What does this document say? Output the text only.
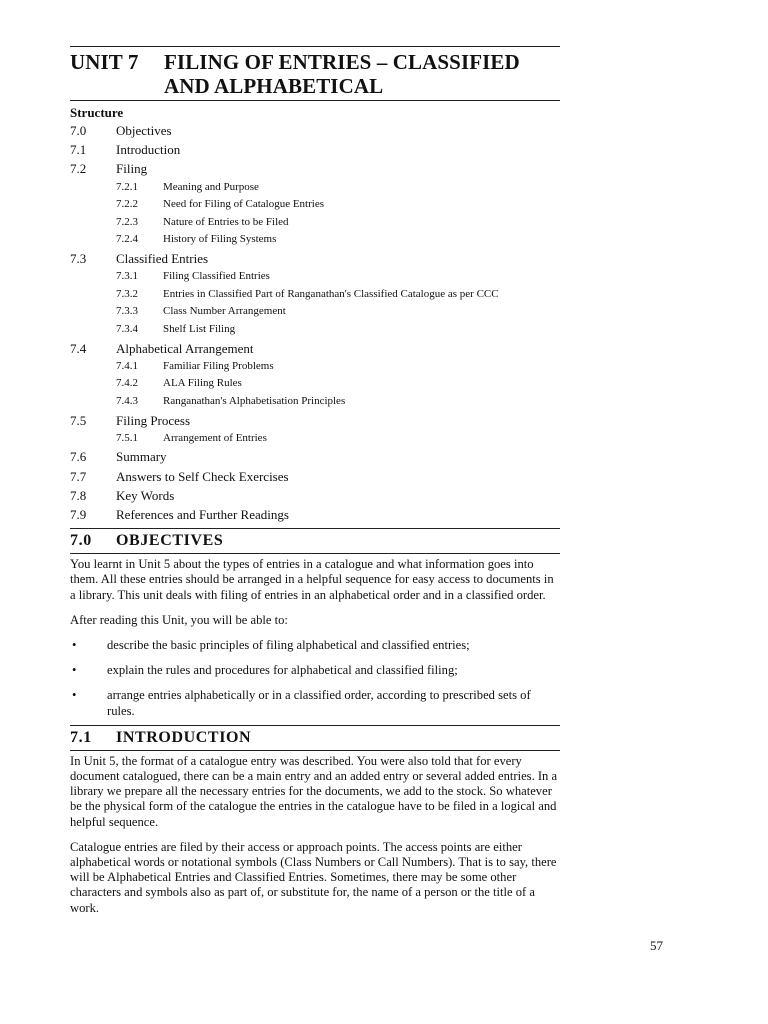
UNIT 7	FILING OF ENTRIES – CLASSIFIED
AND ALPHABETICAL
Structure
7.0	Objectives
7.1	Introduction
7.2	Filing
7.2.1	Meaning and Purpose
7.2.2	Need for Filing of Catalogue Entries
7.2.3	Nature of Entries to be Filed
7.2.4	History of Filing Systems
7.3	Classified Entries
7.3.1	Filing Classified Entries
7.3.2	Entries in Classified Part of Ranganathan's Classified Catalogue as per CCC
7.3.3	Class Number Arrangement
7.3.4	Shelf List Filing
7.4	Alphabetical Arrangement
7.4.1	Familiar Filing Problems
7.4.2	ALA Filing Rules
7.4.3	Ranganathan's Alphabetisation Principles
7.5	Filing Process
7.5.1	Arrangement of Entries
7.6	Summary
7.7	Answers to Self Check Exercises
7.8	Key Words
7.9	References and Further Readings
7.0	OBJECTIVES

You learnt in Unit 5 about the types of entries in a catalogue and what information goes into them. All these entries should be arranged in a helpful sequence for easy access to documents in a library. This unit deals with filing of entries in an alphabetical order and in a classified order.

After reading this Unit, you will be able to:

•	describe the basic principles of filing alphabetical and classified entries;
•	explain the rules and procedures for alphabetical and classified filing;
•	arrange entries alphabetically or in a classified order, according to prescribed sets of rules.
7.1	INTRODUCTION

In Unit 5, the format of a catalogue entry was described. You were also told that for every document catalogued, there can be a main entry and an added entry or several added entries. In a library we prepare all the necessary entries for the documents, we add to the stock. So whatever be the physical form of the catalogue the entries in the catalogue have to be filed in a logical and helpful sequence.

Catalogue entries are filed by their access or approach points. The access points are either alphabetical words or notational symbols (Class Numbers or Call Numbers). That is to say, there will be Alphabetical Entries and Classified Entries. Sometimes, there may be some other characters and symbols also as part of, or substitute for, the name of a person or the title of a work.

57
